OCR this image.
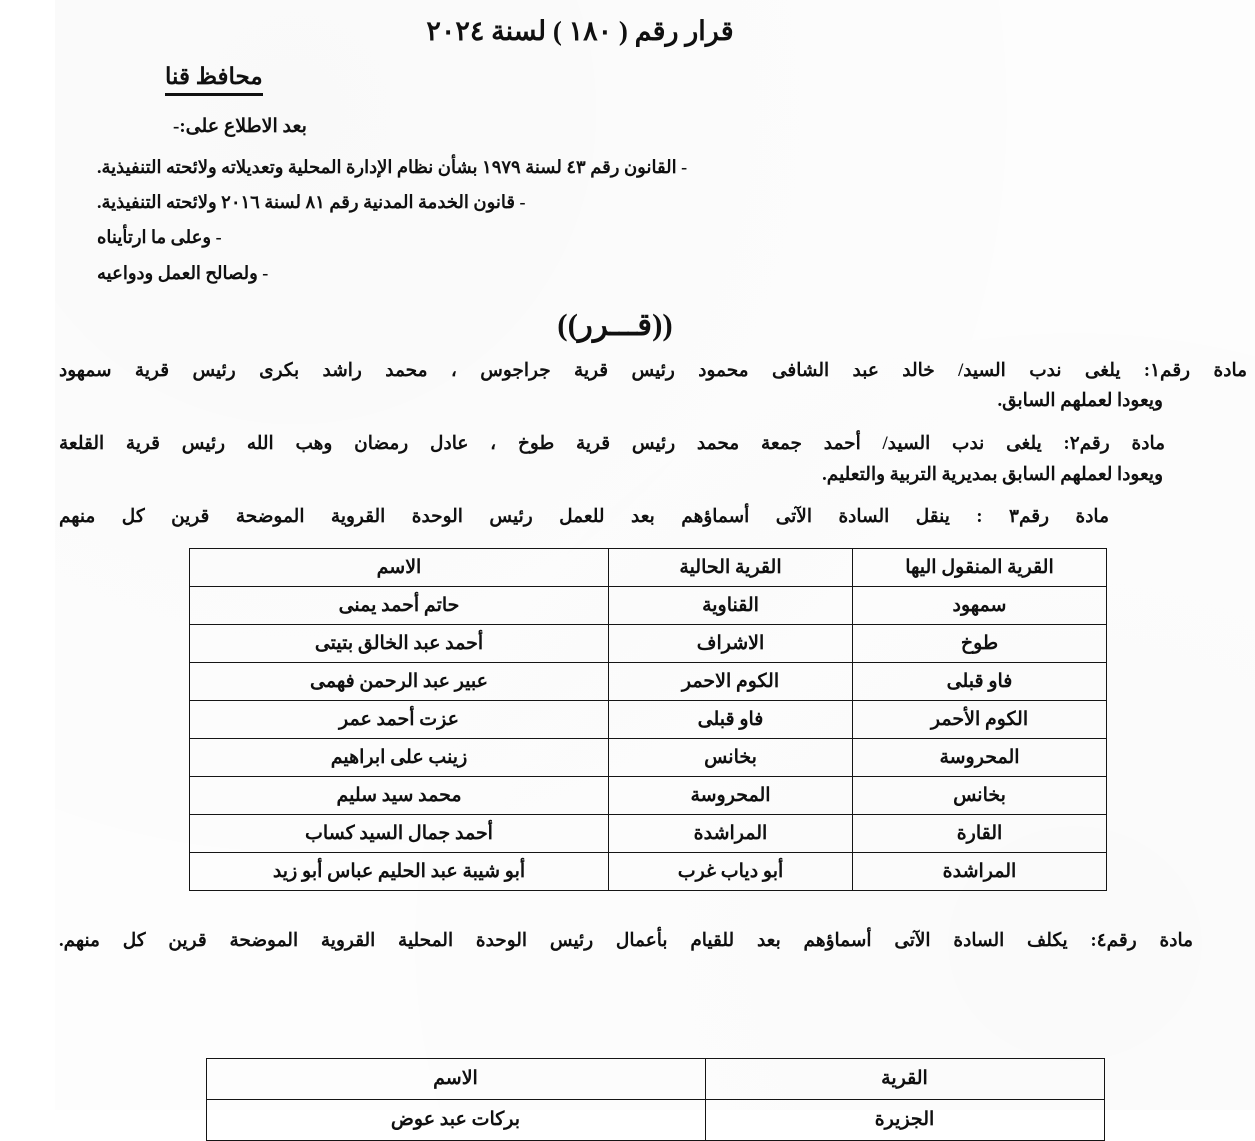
قرار رقم ( ١٨٠ ) لسنة ٢٠٢٤
محافظ قنا
بعد الاطلاع على:-
- القانون رقم ٤٣ لسنة ١٩٧٩ بشأن نظام الإدارة المحلية وتعديلاته ولائحته التنفيذية.
- قانون الخدمة المدنية رقم ٨١ لسنة ٢٠١٦ ولائحته التنفيذية.
- وعلى ما ارتأيناه
- ولصالح العمل ودواعيه
((قـــرر))
مادة رقم١: يلغى ندب السيد/ خالد عبد الشافى محمود رئيس قرية جراجوس ، محمد راشد بكرى رئيس قرية سمهود
ويعودا لعملهم السابق.
مادة رقم٢: يلغى ندب السيد/ أحمد جمعة محمد رئيس قرية طوخ ، عادل رمضان وهب الله رئيس قرية القلعة
ويعودا لعملهم السابق بمديرية التربية والتعليم.
مادة رقم٣ : ينقل السادة الآتى أسماؤهم بعد للعمل رئيس الوحدة القروية الموضحة قرين كل منهم
القرية المنقول اليها	القرية الحالية	الاسم
سمهود	القناوية	حاتم أحمد يمنى
طوخ	الاشراف	أحمد عبد الخالق بتيتى
فاو قبلى	الكوم الاحمر	عبير عبد الرحمن فهمى
الكوم الأحمر	فاو قبلى	عزت أحمد عمر
المحروسة	بخانس	زينب على ابراهيم
بخانس	المحروسة	محمد سيد سليم
القارة	المراشدة	أحمد جمال السيد كساب
المراشدة	أبو دياب غرب	أبو شيبة عبد الحليم عباس أبو زيد
مادة رقم٤: يكلف السادة الآتى أسماؤهم بعد للقيام بأعمال رئيس الوحدة المحلية القروية الموضحة قرين كل منهم.
القرية	الاسم
الجزيرة	بركات عبد عوض
